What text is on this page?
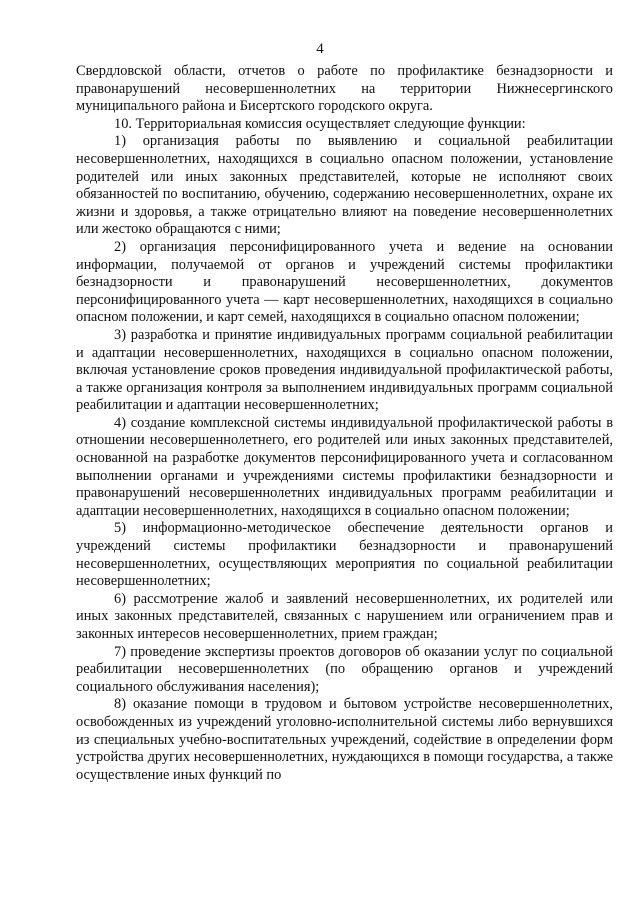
4

Свердловской области, отчетов о работе по профилактике безнадзорности и правонарушений несовершеннолетних на территории Нижнесергинского муниципального района и Бисертского городского округа.

10. Территориальная комиссия осуществляет следующие функции:

1) организация работы по выявлению и социальной реабилитации несовершеннолетних, находящихся в социально опасном положении, установление родителей или иных законных представителей, которые не исполняют своих обязанностей по воспитанию, обучению, содержанию несовершеннолетних, охране их жизни и здоровья, а также отрицательно влияют на поведение несовершеннолетних или жестоко обращаются с ними;

2) организация персонифицированного учета и ведение на основании информации, получаемой от органов и учреждений системы профилактики безнадзорности и правонарушений несовершеннолетних, документов персонифицированного учета — карт несовершеннолетних, находящихся в социально опасном положении, и карт семей, находящихся в социально опасном положении;

3) разработка и принятие индивидуальных программ социальной реабилитации и адаптации несовершеннолетних, находящихся в социально опасном положении, включая установление сроков проведения индивидуальной профилактической работы, а также организация контроля за выполнением индивидуальных программ социальной реабилитации и адаптации несовершеннолетних;

4) создание комплексной системы индивидуальной профилактической работы в отношении несовершеннолетнего, его родителей или иных законных представителей, основанной на разработке документов персонифицированного учета и согласованном выполнении органами и учреждениями системы профилактики безнадзорности и правонарушений несовершеннолетних индивидуальных программ реабилитации и адаптации несовершеннолетних, находящихся в социально опасном положении;

5) информационно-методическое обеспечение деятельности органов и учреждений системы профилактики безнадзорности и правонарушений несовершеннолетних, осуществляющих мероприятия по социальной реабилитации несовершеннолетних;

6) рассмотрение жалоб и заявлений несовершеннолетних, их родителей или иных законных представителей, связанных с нарушением или ограничением прав и законных интересов несовершеннолетних, прием граждан;

7) проведение экспертизы проектов договоров об оказании услуг по социальной реабилитации несовершеннолетних (по обращению органов и учреждений социального обслуживания населения);

8) оказание помощи в трудовом и бытовом устройстве несовершеннолетних, освобожденных из учреждений уголовно-исполнительной системы либо вернувшихся из специальных учебно-воспитательных учреждений, содействие в определении форм устройства других несовершеннолетних, нуждающихся в помощи государства, а также осуществление иных функций по
